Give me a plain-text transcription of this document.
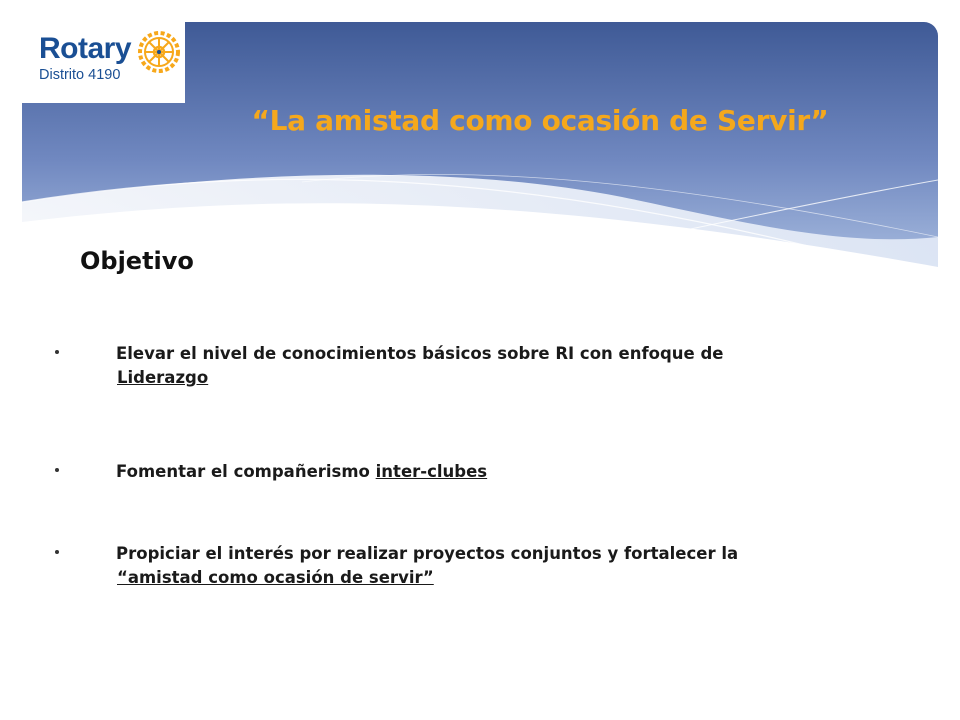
Rotary
Distrito 4190
“La amistad como ocasión de Servir”
Objetivo
Elevar el nivel de conocimientos básicos sobre RI con enfoque de
Liderazgo
Fomentar el compañerismo inter-clubes
Propiciar el interés por realizar proyectos conjuntos y fortalecer la
“amistad como ocasión de servir”
